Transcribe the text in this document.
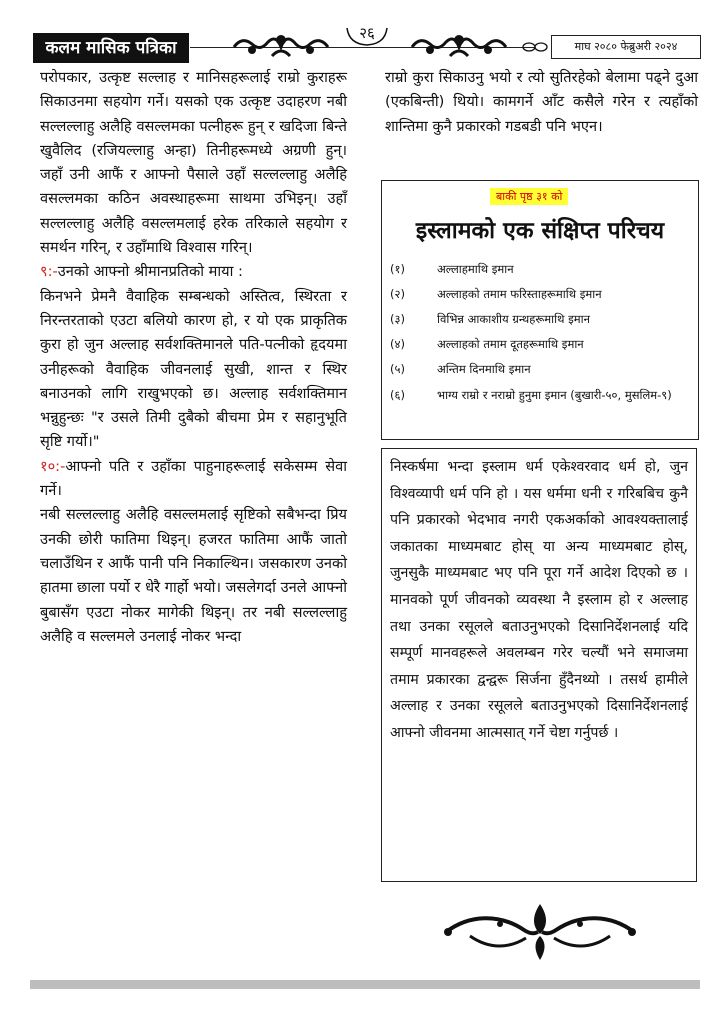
कलम मासिक पत्रिका
२६
माघ २०८० फेब्रुअरी २०२४

परोपकार, उत्कृष्ट सल्लाह र मानिसहरूलाई राम्रो कुराहरू सिकाउनमा सहयोग गर्ने। यसको एक उत्कृष्ट उदाहरण नबी सल्लल्लाहु अलैहि वसल्लमका पत्नीहरू हुन् र खदिजा बिन्ते खुवैलिद (रजियल्लाहु अन्हा) तिनीहरूमध्ये अग्रणी हुन्। जहाँ उनी आफैं र आफ्नो पैसाले उहाँ सल्लल्लाहु अलैहि वसल्लमका कठिन अवस्थाहरूमा साथमा उभिइन्। उहाँ सल्लल्लाहु अलैहि वसल्लमलाई हरेक तरिकाले सहयोग र समर्थन गरिन्, र उहाँमाथि विश्वास गरिन्।

९:-उनको आफ्नो श्रीमानप्रतिको माया :

किनभने प्रेमनै वैवाहिक सम्बन्धको अस्तित्व, स्थिरता र निरन्तरताको एउटा बलियो कारण हो, र यो एक प्राकृतिक कुरा हो जुन अल्लाह सर्वशक्तिमानले पति-पत्नीको हृदयमा उनीहरूको वैवाहिक जीवनलाई सुखी, शान्त र स्थिर बनाउनको लागि राखुभएको छ। अल्लाह सर्वशक्तिमान भन्नुहुन्छः "र उसले तिमी दुबैको बीचमा प्रेम र सहानुभूति सृष्टि गर्यो।"

१०:-आफ्नो पति र उहाँका पाहुनाहरूलाई सकेसम्म सेवा गर्ने।

नबी सल्लल्लाहु अलैहि वसल्लमलाई सृष्टिको सबैभन्दा प्रिय उनकी छोरी फातिमा थिइन्। हजरत फातिमा आफैं जातो चलाउँथिन र आफैं पानी पनि निकाल्थिन। जसकारण उनको हातमा छाला पर्यो र धेरै गार्हो भयो। जसलेगर्दा उनले आफ्नो बुबासँग एउटा नोकर मागेकी थिइन्। तर नबी सल्लल्लाहु अलैहि व सल्लमले उनलाई नोकर भन्दा

राम्रो कुरा सिकाउनु भयो र त्यो सुतिरहेको बेलामा पढ्ने दुआ (एकबिन्ती) थियो। कामगर्ने आँट कसैले गरेन र त्यहाँको शान्तिमा कुनै प्रकारको गडबडी पनि भएन।

बाकी पृष्ठ ३१ को
इस्लामको एक संक्षिप्त परिचय
(१)	अल्लाहमाथि इमान
(२)	अल्लाहको तमाम फरिस्ताहरूमाथि इमान
(३)	विभिन्न आकाशीय ग्रन्थहरूमाथि इमान
(४)	अल्लाहको तमाम दूतहरूमाथि इमान
(५)	अन्तिम दिनमाथि इमान
(६)	भाग्य राम्रो र नराम्रो हुनुमा इमान (बुखारी-५०, मुसलिम-९)

निस्कर्षमा भन्दा इस्लाम धर्म एकेश्वरवाद धर्म हो, जुन विश्वव्यापी धर्म पनि हो । यस धर्ममा धनी र गरिबबिच कुनै पनि प्रकारको भेदभाव नगरी एकअर्काको आवश्यक्तालाई जकातका माध्यमबाट होस् या अन्य माध्यमबाट होस्, जुनसुकै माध्यमबाट भए पनि पूरा गर्ने आदेश दिएको छ । मानवको पूर्ण जीवनको व्यवस्था नै इस्लाम हो र अल्लाह तथा उनका रसूलले बताउनुभएको दिसानिर्देशनलाई यदि सम्पूर्ण मानवहरूले अवलम्बन गरेर चल्यौं भने समाजमा तमाम प्रकारका द्वन्द्वरू सिर्जना हुँदैनथ्यो । तसर्थ हामीले अल्लाह र उनका रसूलले बताउनुभएको दिसानिर्देशनलाई आफ्नो जीवनमा आत्मसात् गर्ने चेष्टा गर्नुपर्छ ।
